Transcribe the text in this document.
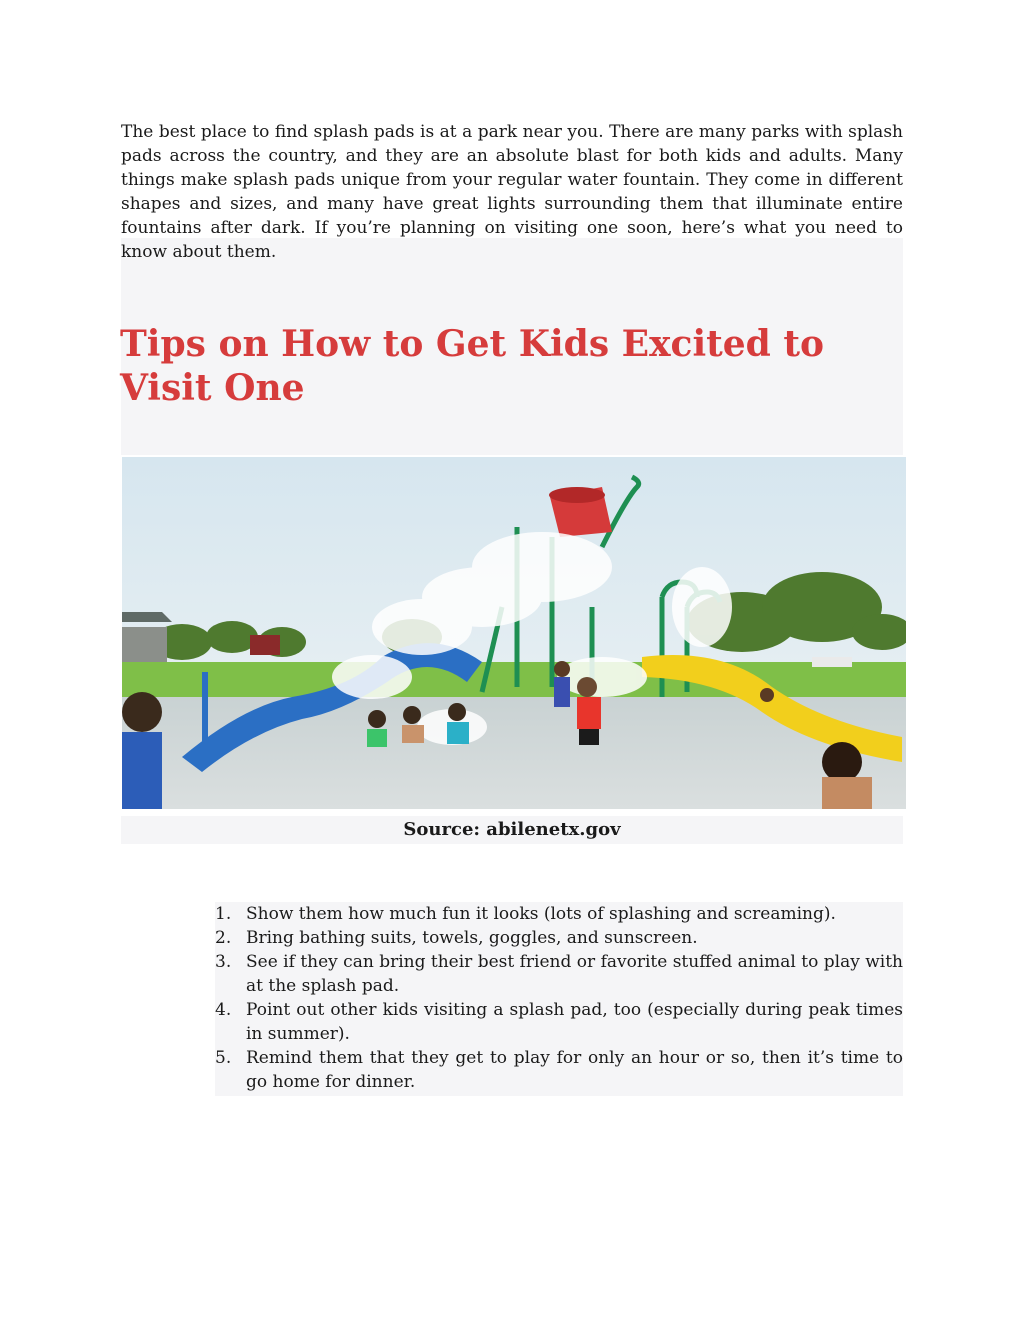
The best place to find splash pads is at a park near you. There are many parks with splash pads across the country, and they are an absolute blast for both kids and adults. Many things make splash pads unique from your regular water fountain. They come in different shapes and sizes, and many have great lights surrounding them that illuminate entire fountains after dark. If you’re planning on visiting one soon, here’s what you need to know about them.

Tips on How to Get Kids Excited to Visit One
Source: abilenetx.gov
1. Show them how much fun it looks (lots of splashing and screaming).
2. Bring bathing suits, towels, goggles, and sunscreen.
3. See if they can bring their best friend or favorite stuffed animal to play with at the splash pad.
4. Point out other kids visiting a splash pad, too (especially during peak times in summer).
5. Remind them that they get to play for only an hour or so, then it’s time to go home for dinner.
